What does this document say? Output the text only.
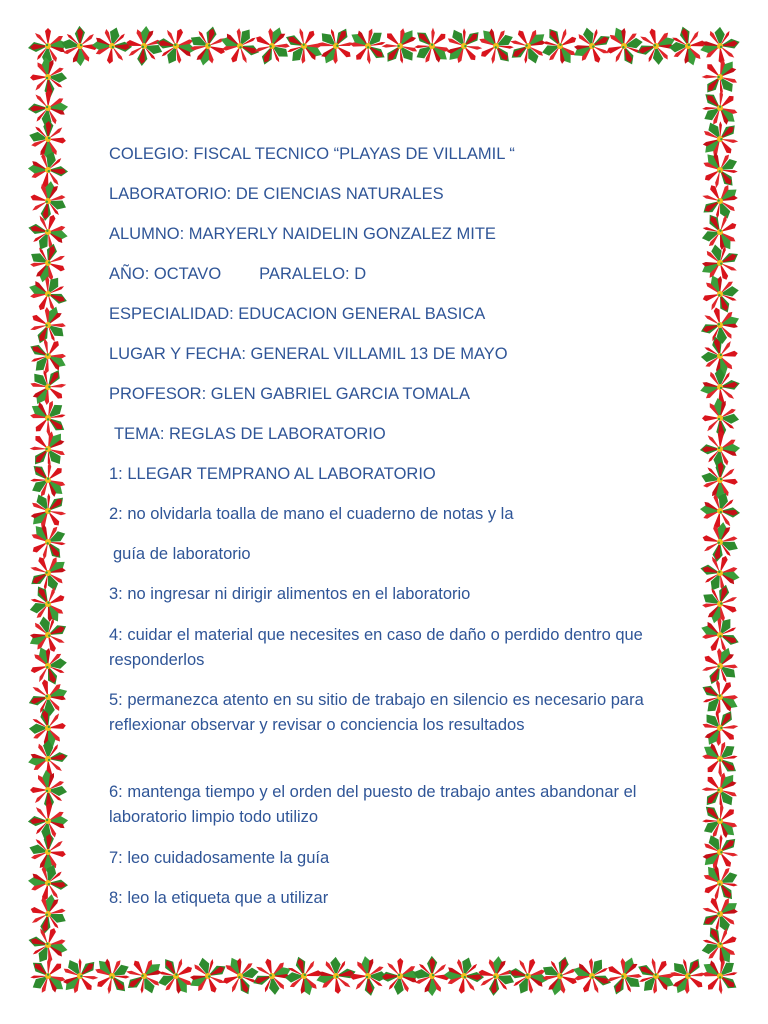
COLEGIO: FISCAL TECNICO “PLAYAS DE VILLAMIL “
LABORATORIO: DE CIENCIAS NATURALES
ALUMNO: MARYERLY NAIDELIN GONZALEZ MITE
AÑO: OCTAVO PARALELO: D
ESPECIALIDAD: EDUCACION GENERAL BASICA
LUGAR Y FECHA: GENERAL VILLAMIL 13 DE MAYO
PROFESOR: GLEN GABRIEL GARCIA TOMALA
TEMA: REGLAS DE LABORATORIO
1: LLEGAR TEMPRANO AL LABORATORIO
2: no olvidarla toalla de mano el cuaderno de notas y la
guía de laboratorio
3: no ingresar ni dirigir alimentos en el laboratorio
4: cuidar el material que necesites en caso de daño o perdido dentro que responderlos
5: permanezca atento en su sitio de trabajo en silencio es necesario para reflexionar observar y revisar o conciencia los resultados
6: mantenga tiempo y el orden del puesto de trabajo antes abandonar el laboratorio limpio todo utilizo
7: leo cuidadosamente la guía
8: leo la etiqueta que a utilizar
